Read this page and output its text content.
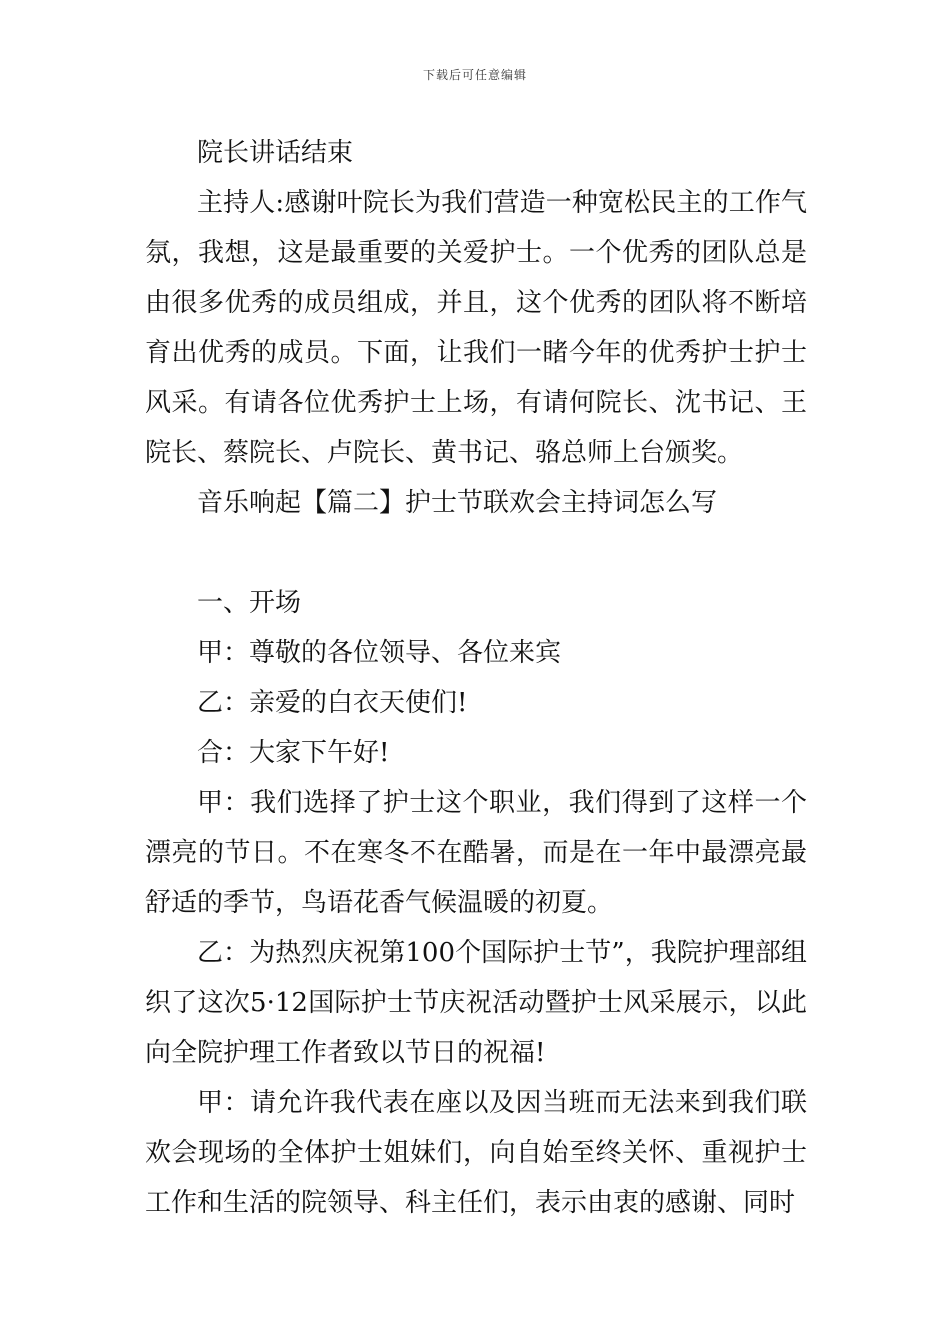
下载后可任意编辑

院长讲话结束

主持人:感谢叶院长为我们营造一种宽松民主的工作气氛，我想，这是最重要的关爱护士。一个优秀的团队总是由很多优秀的成员组成，并且，这个优秀的团队将不断培育出优秀的成员。下面，让我们一睹今年的优秀护士护士风采。有请各位优秀护士上场，有请何院长、沈书记、王院长、蔡院长、卢院长、黄书记、骆总师上台颁奖。

音乐响起【篇二】护士节联欢会主持词怎么写

一、开场

甲：尊敬的各位领导、各位来宾

乙：亲爱的白衣天使们!

合：大家下午好!

甲：我们选择了护士这个职业，我们得到了这样一个漂亮的节日。不在寒冬不在酷暑，而是在一年中最漂亮最舒适的季节，鸟语花香气候温暖的初夏。

乙：为热烈庆祝第100个国际护士节”，我院护理部组织了这次5·12国际护士节庆祝活动暨护士风采展示，以此向全院护理工作者致以节日的祝福!

甲：请允许我代表在座以及因当班而无法来到我们联欢会现场的全体护士姐妹们，向自始至终关怀、重视护士工作和生活的院领导、科主任们，表示由衷的感谢、同时
